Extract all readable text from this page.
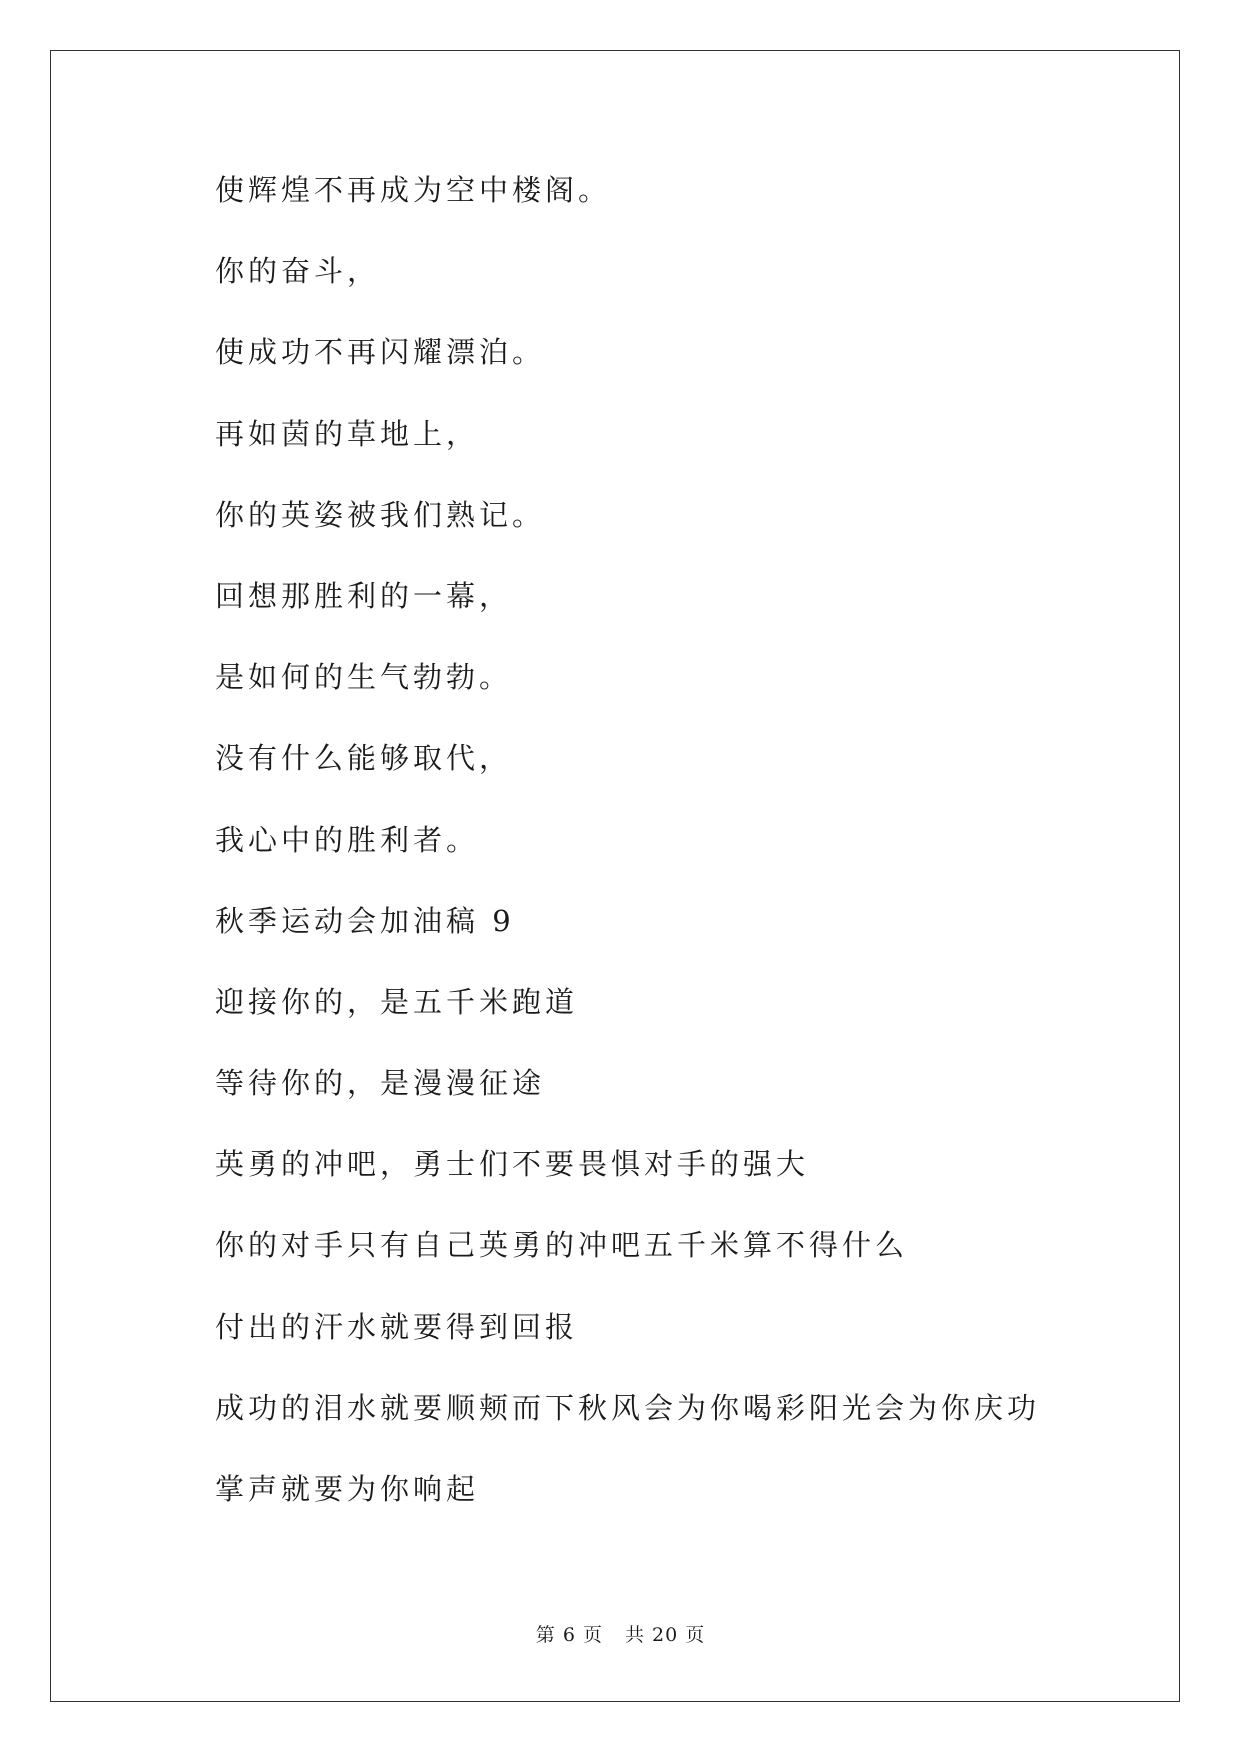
使辉煌不再成为空中楼阁。
你的奋斗，
使成功不再闪耀漂泊。
再如茵的草地上，
你的英姿被我们熟记。
回想那胜利的一幕，
是如何的生气勃勃。
没有什么能够取代，
我心中的胜利者。
秋季运动会加油稿 9
迎接你的，是五千米跑道
等待你的，是漫漫征途
英勇的冲吧，勇士们不要畏惧对手的强大
你的对手只有自己英勇的冲吧五千米算不得什么
付出的汗水就要得到回报
成功的泪水就要顺颊而下秋风会为你喝彩阳光会为你庆功
掌声就要为你响起
第 6 页 共 20 页
